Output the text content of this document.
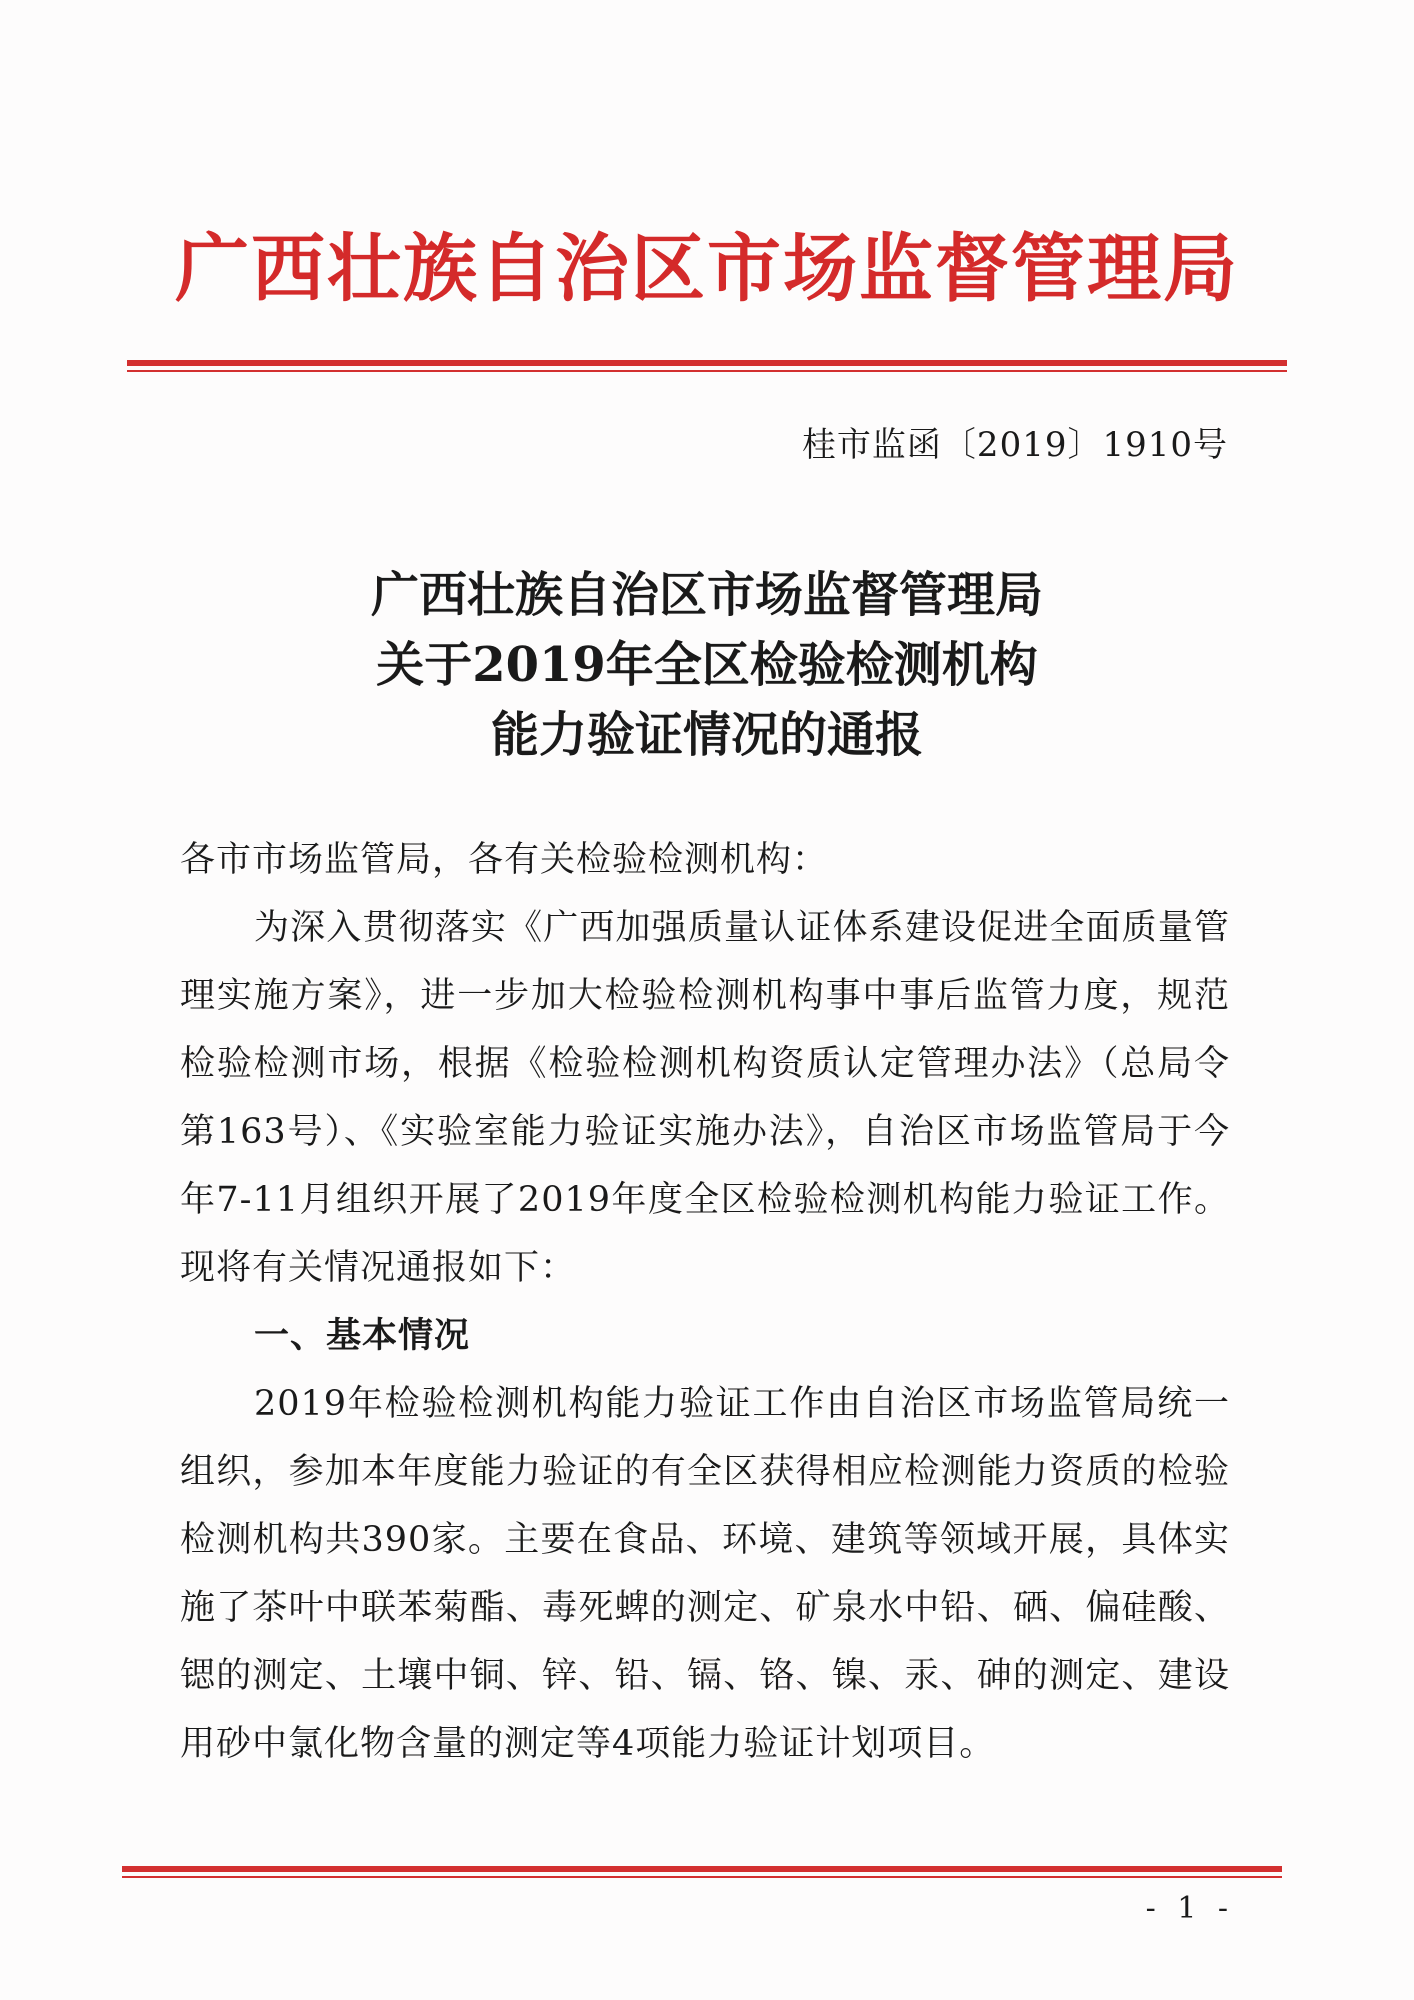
广西壮族自治区市场监督管理局
桂市监函〔2019〕1910号
广西壮族自治区市场监督管理局
关于2019年全区检验检测机构
能力验证情况的通报

各市市场监管局，各有关检验检测机构：

为深入贯彻落实《广西加强质量认证体系建设促进全面质量管理实施方案》，进一步加大检验检测机构事中事后监管力度，规范检验检测市场，根据《检验检测机构资质认定管理办法》（总局令第163号）、《实验室能力验证实施办法》，自治区市场监管局于今年7-11月组织开展了2019年度全区检验检测机构能力验证工作。现将有关情况通报如下：

一、基本情况

2019年检验检测机构能力验证工作由自治区市场监管局统一组织，参加本年度能力验证的有全区获得相应检测能力资质的检验检测机构共390家。主要在食品、环境、建筑等领域开展，具体实施了茶叶中联苯菊酯、毒死蜱的测定、矿泉水中铅、硒、偏硅酸、锶的测定、土壤中铜、锌、铅、镉、铬、镍、汞、砷的测定、建设用砂中氯化物含量的测定等4项能力验证计划项目。

- 1 -
